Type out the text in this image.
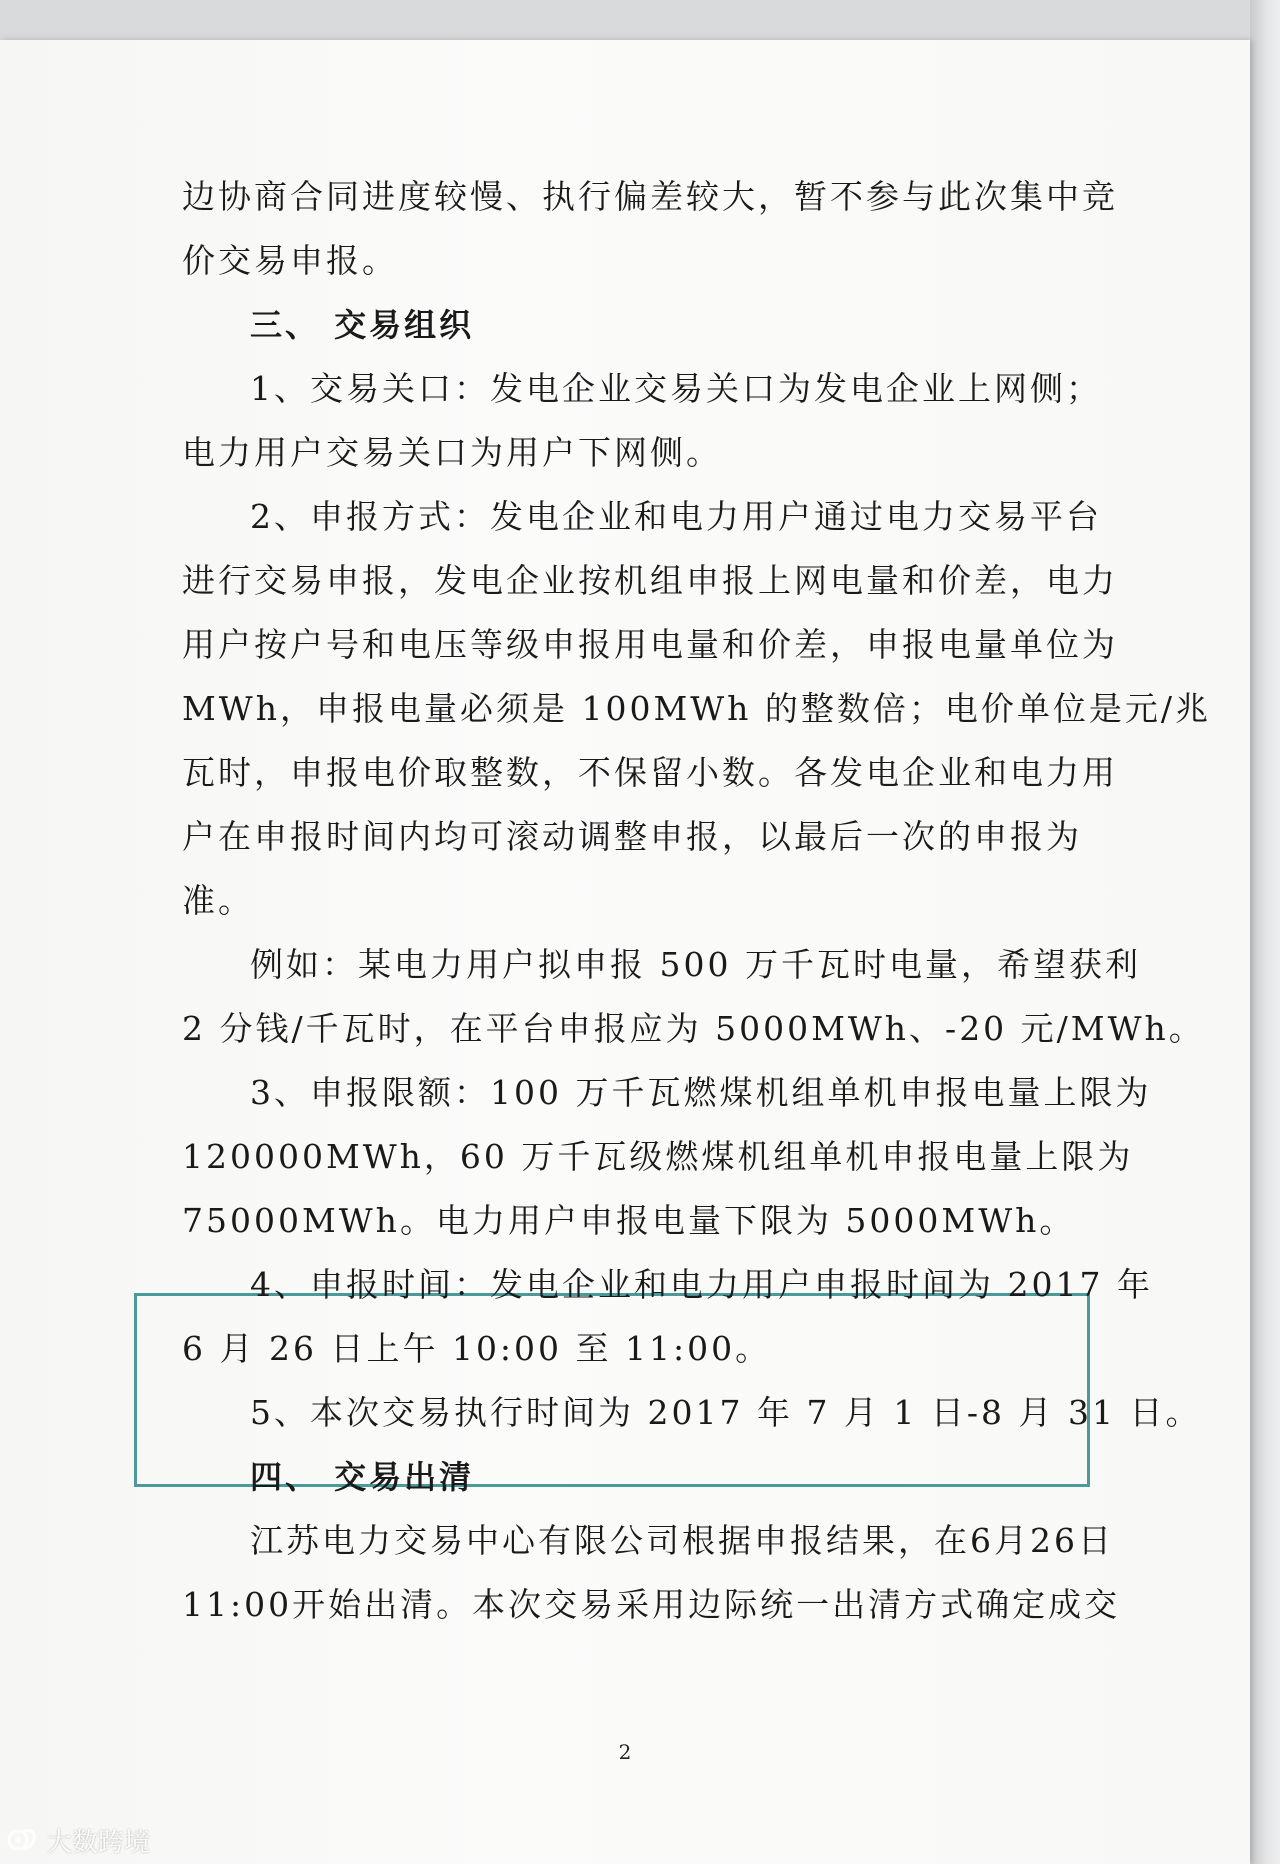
2
边协商合同进度较慢、执行偏差较大，暂不参与此次集中竞
价交易申报。
三、 交易组织
1、交易关口：发电企业交易关口为发电企业上网侧；
电力用户交易关口为用户下网侧。
2、申报方式：发电企业和电力用户通过电力交易平台
进行交易申报，发电企业按机组申报上网电量和价差，电力
用户按户号和电压等级申报用电量和价差，申报电量单位为
MWh，申报电量必须是 100MWh 的整数倍；电价单位是元/兆
瓦时，申报电价取整数，不保留小数。各发电企业和电力用
户在申报时间内均可滚动调整申报，以最后一次的申报为
准。
例如：某电力用户拟申报 500 万千瓦时电量，希望获利
2 分钱/千瓦时，在平台申报应为 5000MWh、-20 元/MWh。
3、申报限额：100 万千瓦燃煤机组单机申报电量上限为
120000MWh，60 万千瓦级燃煤机组单机申报电量上限为
75000MWh。电力用户申报电量下限为 5000MWh。
4、申报时间：发电企业和电力用户申报时间为 2017 年
6 月 26 日上午 10:00 至 11:00。
5、本次交易执行时间为 2017 年 7 月 1 日-8 月 31 日。
四、 交易出清
江苏电力交易中心有限公司根据申报结果，在6月26日
11:00开始出清。本次交易采用边际统一出清方式确定成交
大数跨境
